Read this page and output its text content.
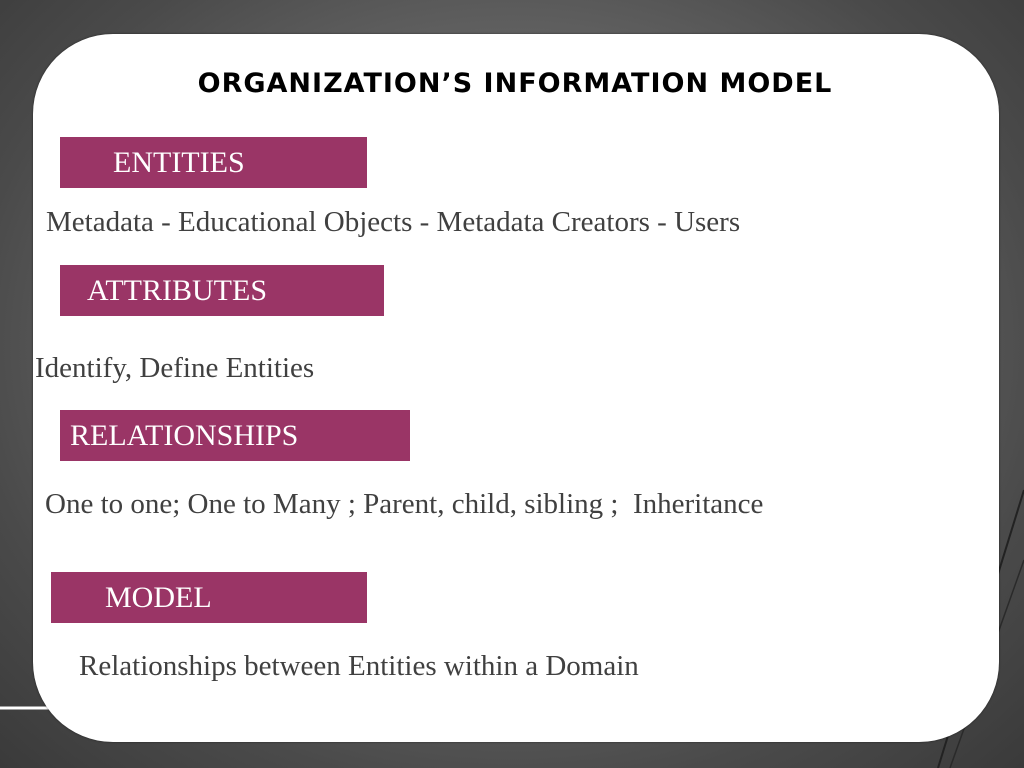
ORGANIZATION’S INFORMATION MODEL
ENTITIES
Metadata - Educational Objects - Metadata Creators - Users
ATTRIBUTES
Identify, Define Entities
RELATIONSHIPS
One to one; One to Many ; Parent, child, sibling ;  Inheritance
MODEL
Relationships between Entities within a Domain
